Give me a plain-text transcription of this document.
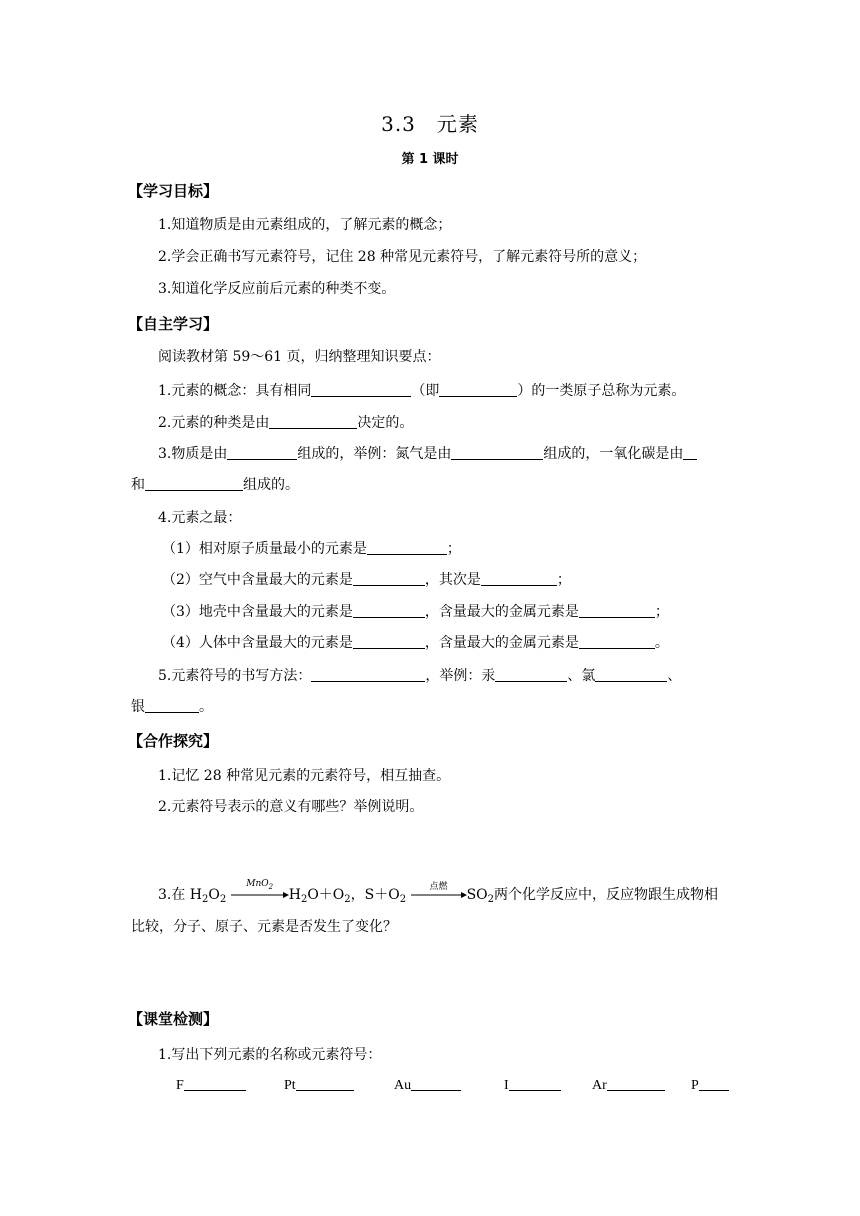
3.3　元素
第 1 课时
【学习目标】
1.知道物质是由元素组成的，了解元素的概念；
2.学会正确书写元素符号，记住 28 种常见元素符号，了解元素符号所的意义；
3.知道化学反应前后元素的种类不变。
【自主学习】
阅读教材第 59～61 页，归纳整理知识要点：
1.元素的概念：具有相同	（即	）的一类原子总称为元素。
2.元素的种类是由	决定的。
3.物质是由	组成的，举例：氮气是由	组成的，一氧化碳是由
和	组成的。
4.元素之最：
（1）相对原子质量最小的元素是	；
（2）空气中含量最大的元素是	，其次是	；
（3）地壳中含量最大的元素是	，含量最大的金属元素是	；
（4）人体中含量最大的元素是	，含量最大的金属元素是	。
5.元素符号的书写方法：	，举例：汞	、氯	、
银	。
【合作探究】
1.记忆 28 种常见元素的元素符号，相互抽查。
2.元素符号表示的意义有哪些？举例说明。
3.在 $H_2O_2$
MnO$_2$	$H_2O+O_2$，$S+O_2$
点燃	$SO_2$两个化学反应中，反应物跟生成物相
比较，分子、原子、元素是否发生了变化？
【课堂检测】
1.写出下列元素的名称或元素符号：
F	Pt	Au	I	Ar	P
